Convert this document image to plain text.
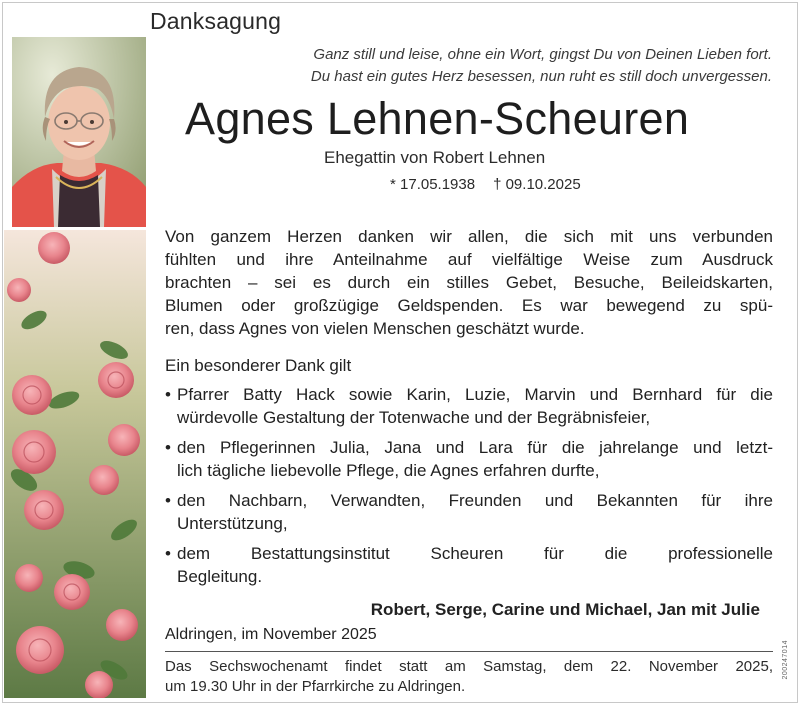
Danksagung
Ganz still und leise, ohne ein Wort, gingst Du von Deinen Lieben fort.
Du hast ein gutes Herz besessen, nun ruht es still doch unvergessen.
Agnes Lehnen-Scheuren
Ehegattin von Robert Lehnen
* 17.05.1938 † 09.10.2025
Von ganzem Herzen danken wir allen, die sich mit uns verbunden
fühlten und ihre Anteilnahme auf vielfältige Weise zum Ausdruck
brachten – sei es durch ein stilles Gebet, Besuche, Beileidskarten,
Blumen oder großzügige Geldspenden. Es war bewegend zu spü-
ren, dass Agnes von vielen Menschen geschätzt wurde.
Ein besonderer Dank gilt
• Pfarrer Batty Hack sowie Karin, Luzie, Marvin und Bernhard für die
würdevolle Gestaltung der Totenwache und der Begräbnisfeier,
• den Pflegerinnen Julia, Jana und Lara für die jahrelange und letzt-
lich tägliche liebevolle Pflege, die Agnes erfahren durfte,
• den Nachbarn, Verwandten, Freunden und Bekannten für ihre
Unterstützung,
• dem Bestattungsinstitut Scheuren für die professionelle
Begleitung.
Robert, Serge, Carine und Michael, Jan mit Julie
Aldringen, im November 2025
Das Sechswochenamt findet statt am Samstag, dem 22. November 2025,
um 19.30 Uhr in der Pfarrkirche zu Aldringen.
200247014
